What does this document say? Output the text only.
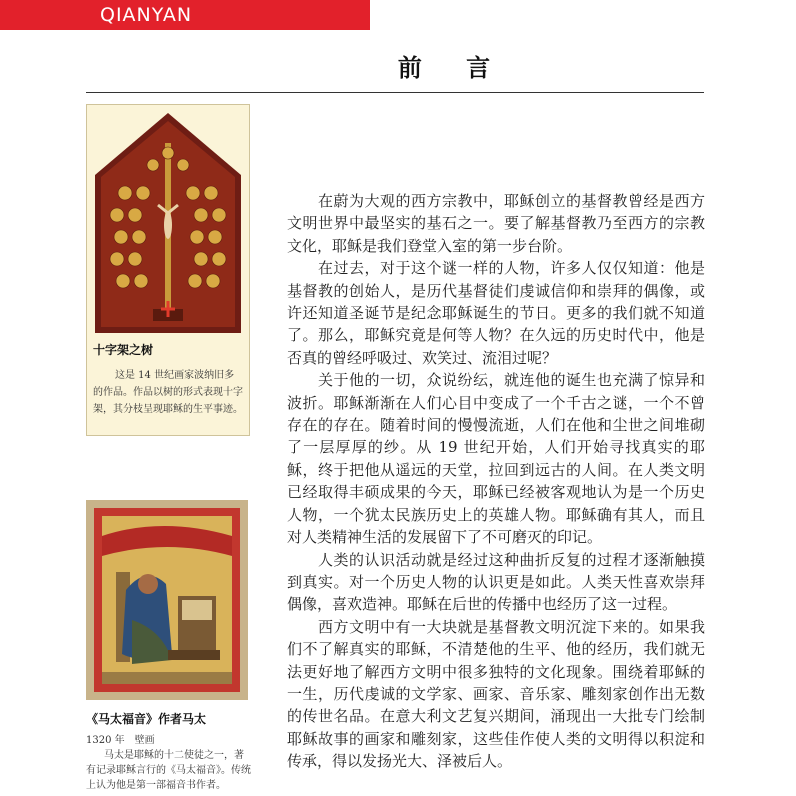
QIANYAN
前 言
十字架之树
这是 14 世纪画家波纳旧多的作品。作品以树的形式表现十字架，其分枝呈现耶稣的生平事迹。
《马太福音》作者马太
1320 年　壁画
马太是耶稣的十二使徒之一，著有记录耶稣言行的《马太福音》。传统上认为他是第一部福音书作者。

在蔚为大观的西方宗教中，耶稣创立的基督教曾经是西方文明世界中最坚实的基石之一。要了解基督教乃至西方的宗教文化，耶稣是我们登堂入室的第一步台阶。

在过去，对于这个谜一样的人物，许多人仅仅知道：他是基督教的创始人，是历代基督徒们虔诚信仰和崇拜的偶像，或许还知道圣诞节是纪念耶稣诞生的节日。更多的我们就不知道了。那么，耶稣究竟是何等人物？在久远的历史时代中，他是否真的曾经呼吸过、欢笑过、流泪过呢？

关于他的一切，众说纷纭，就连他的诞生也充满了惊异和波折。耶稣渐渐在人们心目中变成了一个千古之谜，一个不曾存在的存在。随着时间的慢慢流逝，人们在他和尘世之间堆砌了一层厚厚的纱。从 19 世纪开始，人们开始寻找真实的耶稣，终于把他从遥远的天堂，拉回到远古的人间。在人类文明已经取得丰硕成果的今天，耶稣已经被客观地认为是一个历史人物，一个犹太民族历史上的英雄人物。耶稣确有其人，而且对人类精神生活的发展留下了不可磨灭的印记。

人类的认识活动就是经过这种曲折反复的过程才逐渐触摸到真实。对一个历史人物的认识更是如此。人类天性喜欢崇拜偶像，喜欢造神。耶稣在后世的传播中也经历了这一过程。

西方文明中有一大块就是基督教文明沉淀下来的。如果我们不了解真实的耶稣，不清楚他的生平、他的经历，我们就无法更好地了解西方文明中很多独特的文化现象。围绕着耶稣的一生，历代虔诚的文学家、画家、音乐家、雕刻家创作出无数的传世名品。在意大利文艺复兴期间，涌现出一大批专门绘制耶稣故事的画家和雕刻家，这些佳作使人类的文明得以积淀和传承，得以发扬光大、泽被后人。
